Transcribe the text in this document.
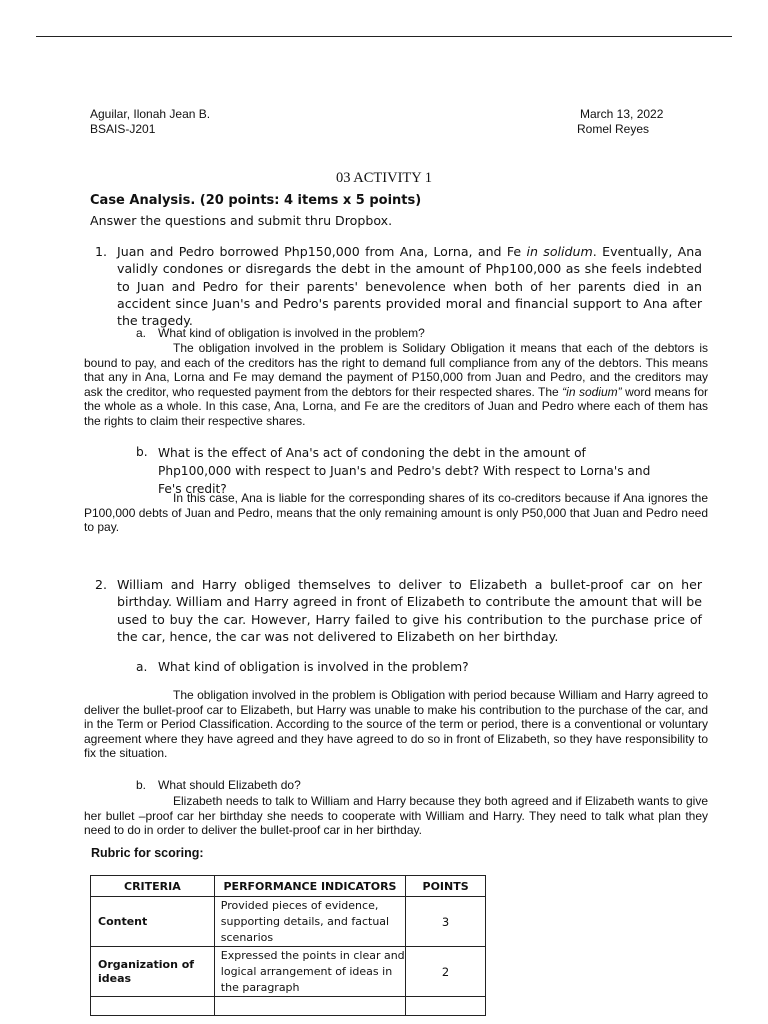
Aguilar, Ilonah Jean B.
BSAIS-J201
March 13, 2022
Romel Reyes
03 ACTIVITY 1
Case Analysis. (20 points: 4 items x 5 points)
Answer the questions and submit thru Dropbox.
1. Juan and Pedro borrowed Php150,000 from Ana, Lorna, and Fe in solidum. Eventually, Ana validly condones or disregards the debt in the amount of Php100,000 as she feels indebted to Juan and Pedro for their parents' benevolence when both of her parents died in an accident since Juan's and Pedro's parents provided moral and financial support to Ana after the tragedy.
a. What kind of obligation is involved in the problem?
The obligation involved in the problem is Solidary Obligation it means that each of the debtors is bound to pay, and each of the creditors has the right to demand full compliance from any of the debtors. This means that any in Ana, Lorna and Fe may demand the payment of P150,000 from Juan and Pedro, and the creditors may ask the creditor, who requested payment from the debtors for their respected shares. The “in sodium” word means for the whole as a whole. In this case, Ana, Lorna, and Fe are the creditors of Juan and Pedro where each of them has the rights to claim their respective shares.
b. What is the effect of Ana's act of condoning the debt in the amount of Php100,000 with respect to Juan's and Pedro's debt? With respect to Lorna's and Fe's credit?
In this case, Ana is liable for the corresponding shares of its co-creditors because if Ana ignores the P100,000 debts of Juan and Pedro, means that the only remaining amount is only P50,000 that Juan and Pedro need to pay.
2. William and Harry obliged themselves to deliver to Elizabeth a bullet-proof car on her birthday. William and Harry agreed in front of Elizabeth to contribute the amount that will be used to buy the car. However, Harry failed to give his contribution to the purchase price of the car, hence, the car was not delivered to Elizabeth on her birthday.
a. What kind of obligation is involved in the problem?
The obligation involved in the problem is Obligation with period because William and Harry agreed to deliver the bullet-proof car to Elizabeth, but Harry was unable to make his contribution to the purchase of the car, and in the Term or Period Classification. According to the source of the term or period, there is a conventional or voluntary agreement where they have agreed and they have agreed to do so in front of Elizabeth, so they have responsibility to fix the situation.
b. What should Elizabeth do?
Elizabeth needs to talk to William and Harry because they both agreed and if Elizabeth wants to give her bullet –proof car her birthday she needs to cooperate with William and Harry. They need to talk what plan they need to do in order to deliver the bullet-proof car in her birthday.
Rubric for scoring:
CRITERIA	PERFORMANCE INDICATORS	POINTS
Content	Provided pieces of evidence, supporting details, and factual scenarios	3
Organization of ideas	Expressed the points in clear and logical arrangement of ideas in the paragraph	2
